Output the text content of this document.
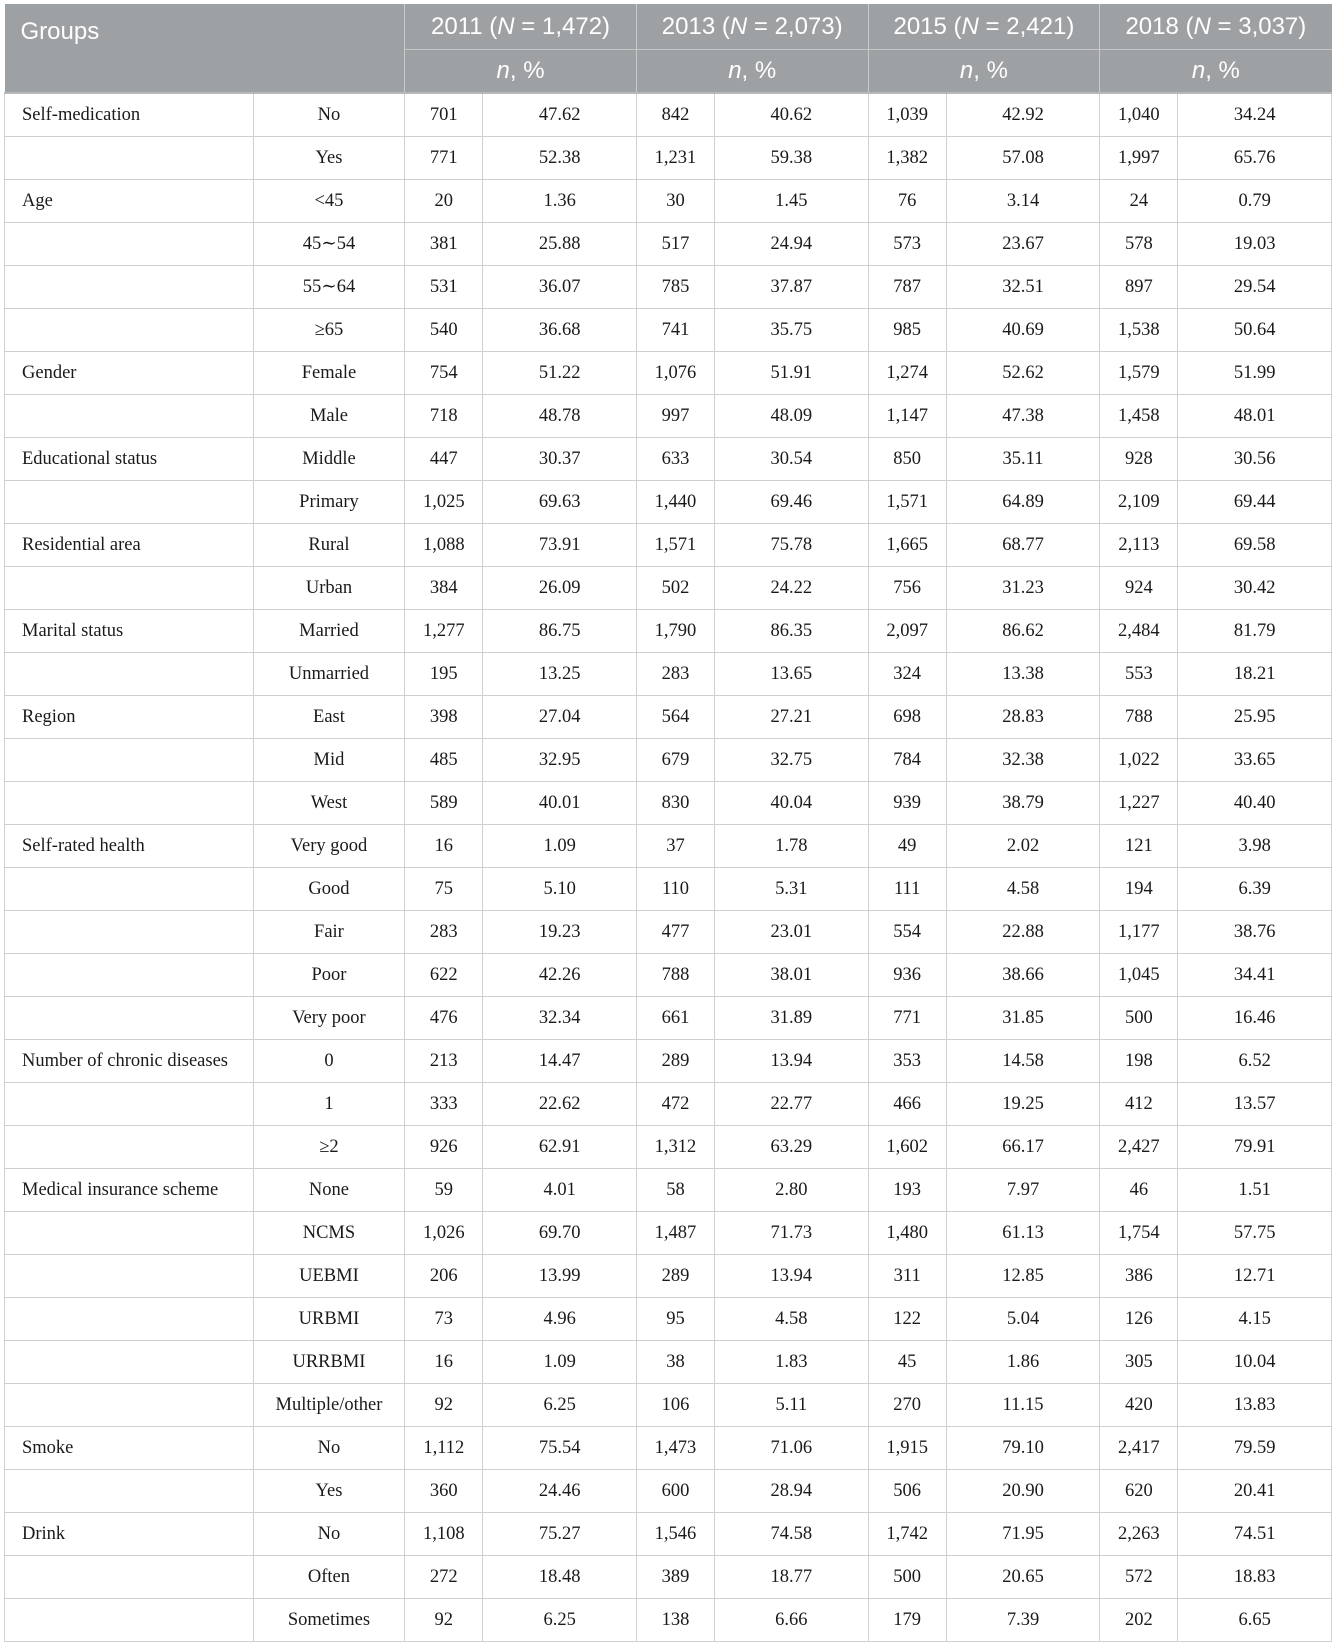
Groups		2011 (N = 1,472)		2013 (N = 2,073)		2015 (N = 2,421)		2018 (N = 3,037)	
		n, %		n, %		n, %		n, %	
Self-medication	No	701	47.62	842	40.62	1,039	42.92	1,040	34.24
	Yes	771	52.38	1,231	59.38	1,382	57.08	1,997	65.76
Age	<45	20	1.36	30	1.45	76	3.14	24	0.79
	45∼54	381	25.88	517	24.94	573	23.67	578	19.03
	55∼64	531	36.07	785	37.87	787	32.51	897	29.54
	≥65	540	36.68	741	35.75	985	40.69	1,538	50.64
Gender	Female	754	51.22	1,076	51.91	1,274	52.62	1,579	51.99
	Male	718	48.78	997	48.09	1,147	47.38	1,458	48.01
Educational status	Middle	447	30.37	633	30.54	850	35.11	928	30.56
	Primary	1,025	69.63	1,440	69.46	1,571	64.89	2,109	69.44
Residential area	Rural	1,088	73.91	1,571	75.78	1,665	68.77	2,113	69.58
	Urban	384	26.09	502	24.22	756	31.23	924	30.42
Marital status	Married	1,277	86.75	1,790	86.35	2,097	86.62	2,484	81.79
	Unmarried	195	13.25	283	13.65	324	13.38	553	18.21
Region	East	398	27.04	564	27.21	698	28.83	788	25.95
	Mid	485	32.95	679	32.75	784	32.38	1,022	33.65
	West	589	40.01	830	40.04	939	38.79	1,227	40.40
Self-rated health	Very good	16	1.09	37	1.78	49	2.02	121	3.98
	Good	75	5.10	110	5.31	111	4.58	194	6.39
	Fair	283	19.23	477	23.01	554	22.88	1,177	38.76
	Poor	622	42.26	788	38.01	936	38.66	1,045	34.41
	Very poor	476	32.34	661	31.89	771	31.85	500	16.46
Number of chronic diseases	0	213	14.47	289	13.94	353	14.58	198	6.52
	1	333	22.62	472	22.77	466	19.25	412	13.57
	≥2	926	62.91	1,312	63.29	1,602	66.17	2,427	79.91
Medical insurance scheme	None	59	4.01	58	2.80	193	7.97	46	1.51
	NCMS	1,026	69.70	1,487	71.73	1,480	61.13	1,754	57.75
	UEBMI	206	13.99	289	13.94	311	12.85	386	12.71
	URBMI	73	4.96	95	4.58	122	5.04	126	4.15
	URRBMI	16	1.09	38	1.83	45	1.86	305	10.04
	Multiple/other	92	6.25	106	5.11	270	11.15	420	13.83
Smoke	No	1,112	75.54	1,473	71.06	1,915	79.10	2,417	79.59
	Yes	360	24.46	600	28.94	506	20.90	620	20.41
Drink	No	1,108	75.27	1,546	74.58	1,742	71.95	2,263	74.51
	Often	272	18.48	389	18.77	500	20.65	572	18.83
	Sometimes	92	6.25	138	6.66	179	7.39	202	6.65
